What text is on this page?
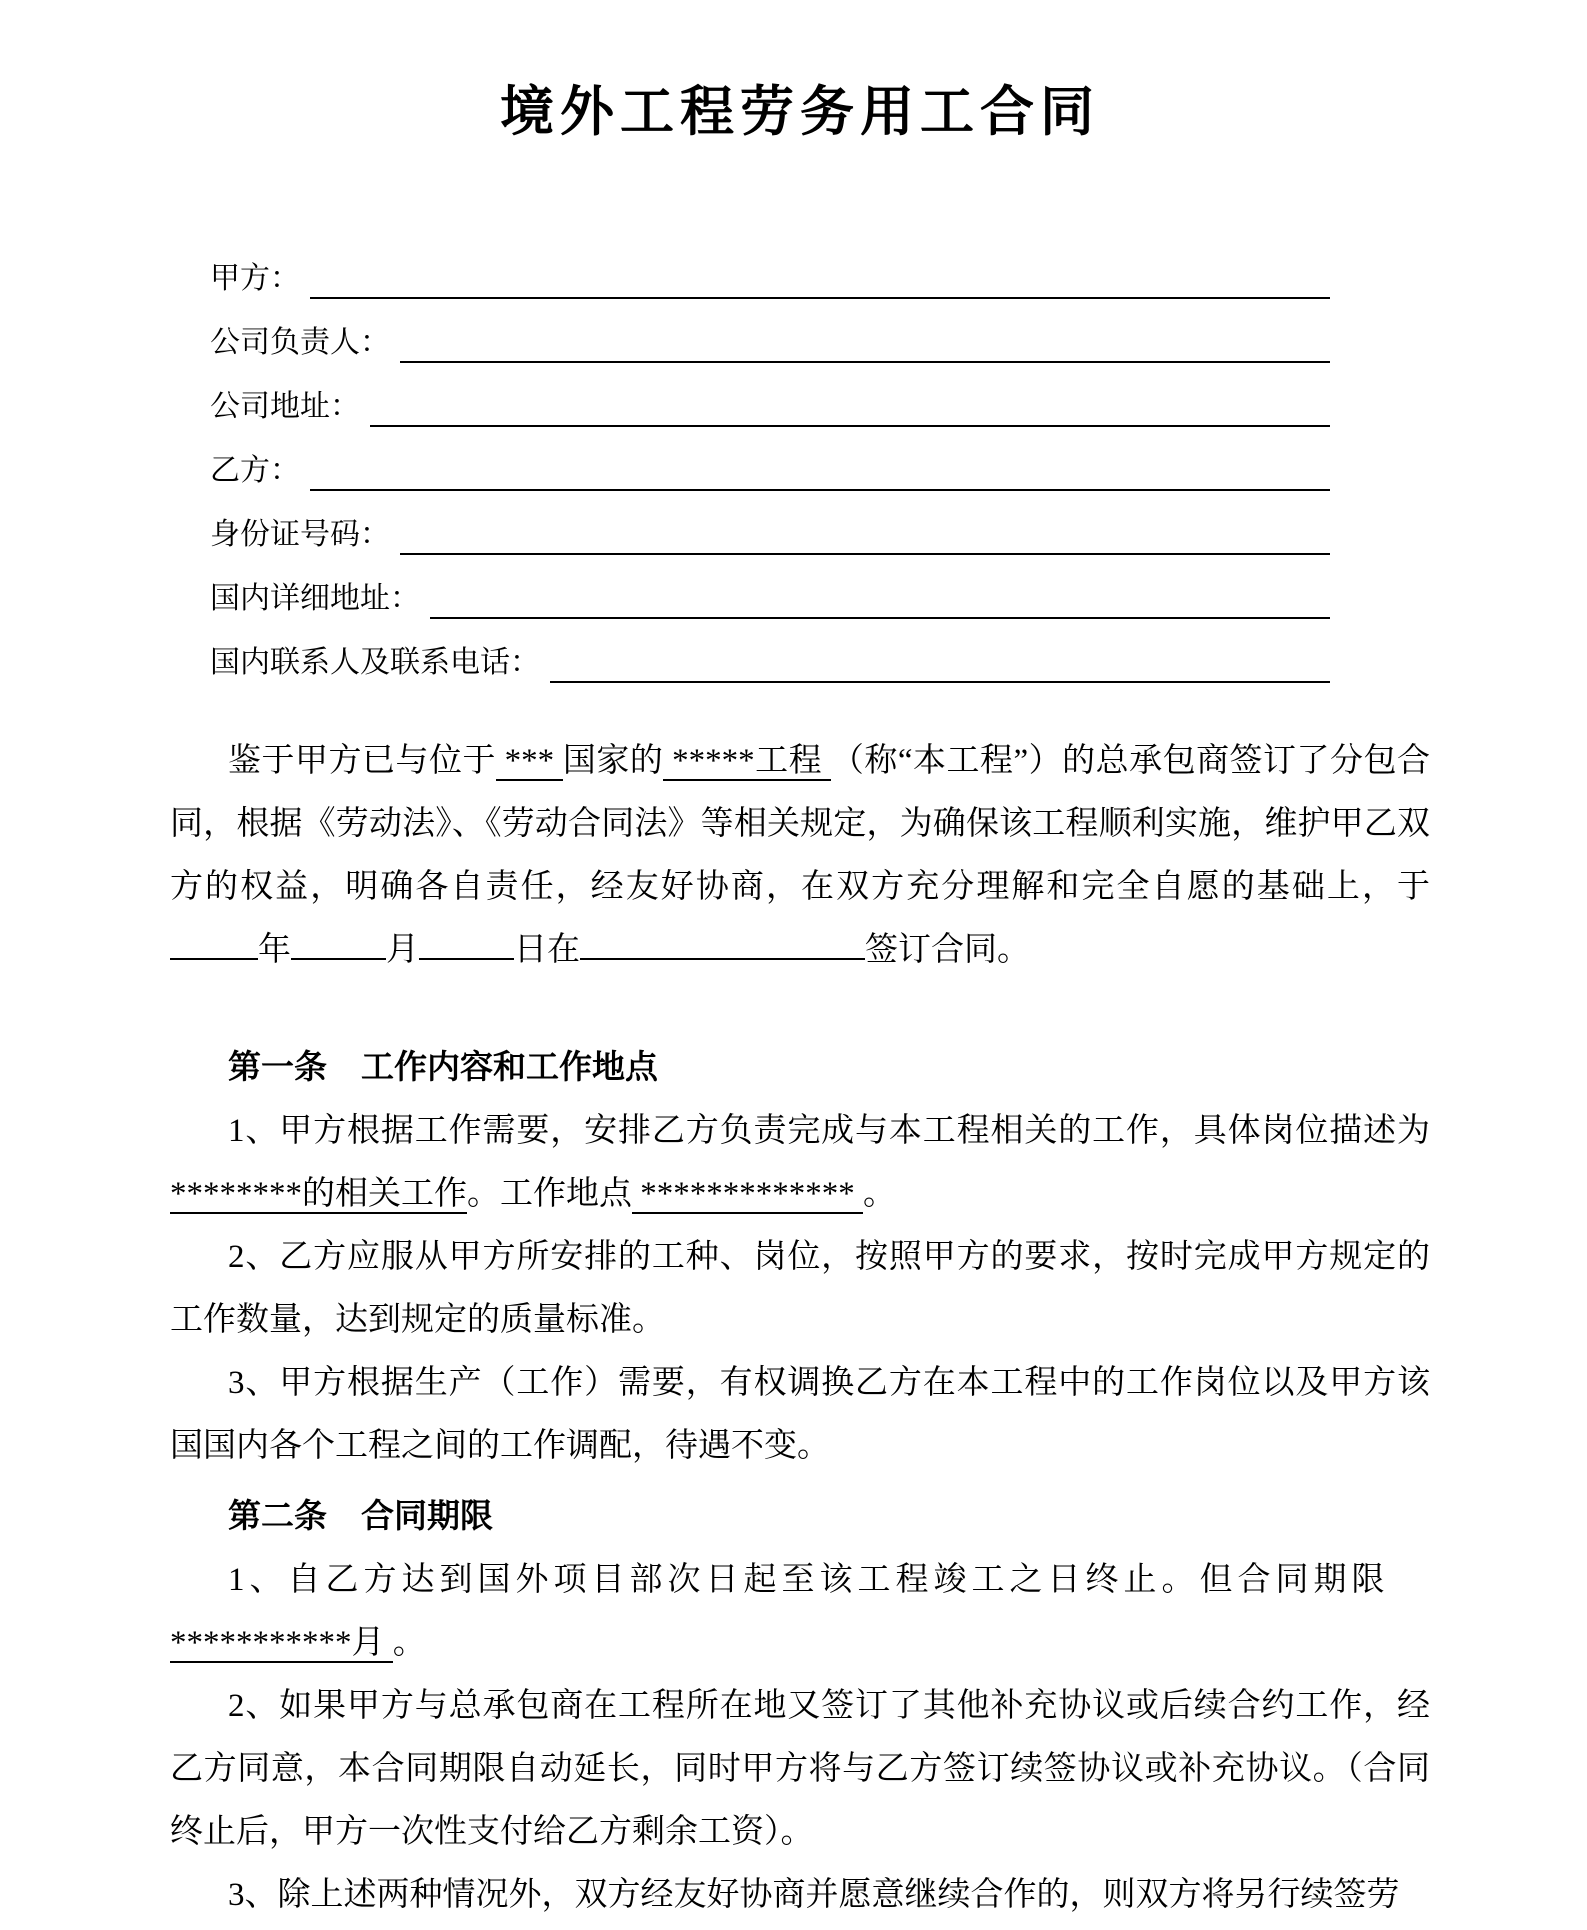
境外工程劳务用工合同
甲方：
公司负责人：
公司地址：
乙方：
身份证号码：
国内详细地址：
国内联系人及联系电话：

鉴于甲方已与位于 *** 国家的 *****工程 （称“本工程”）的总承包商签订了分包合同，根据《劳动法》、《劳动合同法》等相关规定，为确保该工程顺利实施，维护甲乙双方的权益，明确各自责任，经友好协商，在双方充分理解和完全自愿的基础上，于年	月	日在	签订合同。

第一条 工作内容和工作地点

1、甲方根据工作需要，安排乙方负责完成与本工程相关的工作，具体岗位描述为********的相关工作。工作地点 ************* 。

2、乙方应服从甲方所安排的工种、岗位，按照甲方的要求，按时完成甲方规定的工作数量，达到规定的质量标准。

3、甲方根据生产（工作）需要，有权调换乙方在本工程中的工作岗位以及甲方该国国内各个工程之间的工作调配，待遇不变。

第二条 合同期限

1、自乙方达到国外项目部次日起至该工程竣工之日终止。但合同期限
***********月 。

2、如果甲方与总承包商在工程所在地又签订了其他补充协议或后续合约工作，经乙方同意，本合同期限自动延长，同时甲方将与乙方签订续签协议或补充协议。（合同终止后，甲方一次性支付给乙方剩余工资）。

3、除上述两种情况外，双方经友好协商并愿意继续合作的，则双方将另行续签劳
